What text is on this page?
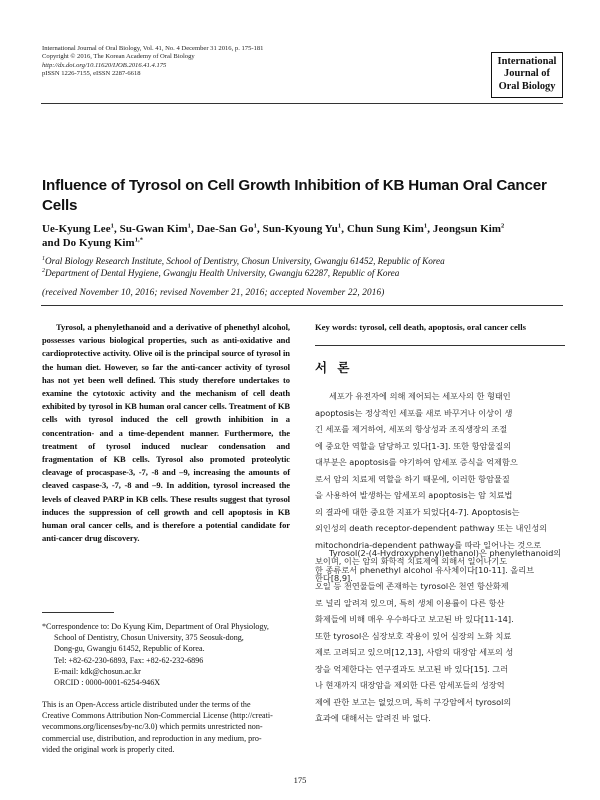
International Journal of Oral Biology, Vol. 41, No. 4 December 31 2016, p. 175-181
Copyright © 2016, The Korean Academy of Oral Biology
http://dx.doi.org/10.11620/IJOB.2016.41.4.175
pISSN 1226-7155, eISSN 2287-6618
International
Journal of
Oral Biology
Influence of Tyrosol on Cell Growth Inhibition of KB Human Oral Cancer Cells
Ue-Kyung Lee$^1$, Su-Gwan Kim$^1$, Dae-San Go$^1$, Sun-Kyoung Yu$^1$, Chun Sung Kim$^1$, Jeongsun Kim$^2$
and Do Kyung Kim$^{1,*}$
$^1$Oral Biology Research Institute, School of Dentistry, Chosun University, Gwangju 61452, Republic of Korea
$^2$Department of Dental Hygiene, Gwangju Health University, Gwangju 62287, Republic of Korea
(received November 10, 2016; revised November 21, 2016; accepted November 22, 2016)
Tyrosol, a phenylethanoid and a derivative of phenethyl alcohol, possesses various biological properties, such as anti-oxidative and cardioprotective activity. Olive oil is the principal source of tyrosol in the human diet. However, so far the anti-cancer activity of tyrosol has not yet been well defined. This study therefore undertakes to examine the cytotoxic activity and the mechanism of cell death exhibited by tyrosol in KB human oral cancer cells. Treatment of KB cells with tyrosol induced the cell growth inhibition in a concentration- and a time-dependent manner. Furthermore, the treatment of tyrosol induced nuclear condensation and fragmentation of KB cells. Tyrosol also promoted proteolytic cleavage of procaspase-3, -7, -8 and –9, increasing the amounts of cleaved caspase-3, -7, -8 and –9. In addition, tyrosol increased the levels of cleaved PARP in KB cells. These results suggest that tyrosol induces the suppression of cell growth and cell apoptosis in KB human oral cancer cells, and is therefore a potential candidate for anti-cancer drug discovery.
*Correspondence to: Do Kyung Kim, Department of Oral Physiology,
School of Dentistry, Chosun University, 375 Seosuk-dong,
Dong-gu, Gwangju 61452, Republic of Korea.
Tel: +82-62-230-6893, Fax: +82-62-232-6896
E-mail: kdk@chosun.ac.kr
ORCID : 0000-0001-6254-946X
This is an Open-Access article distributed under the terms of the
Creative Commons Attribution Non-Commercial License (http://creati-
vecommons.org/licenses/by-nc/3.0) which permits unrestricted non-
commercial use, distribution, and reproduction in any medium, pro-
vided the original work is properly cited.
Key words: tyrosol, cell death, apoptosis, oral cancer cells
서 론
세포가 유전자에 의해 제어되는 세포사의 한 형태인
apoptosis는 정상적인 세포를 새로 바꾸거나 이상이 생
긴 세포를 제거하여, 세포의 항상성과 조직생장의 조절
에 중요한 역할을 담당하고 있다[1-3]. 또한 항암물질의
대부분은 apoptosis를 야기하여 암세포 증식을 억제함으
로서 암의 치료제 역할을 하기 때문에, 이러한 항암물질
을 사용하여 발생하는 암세포의 apoptosis는 암 치료법
의 결과에 대한 중요한 지표가 되었다[4-7]. Apoptosis는
외인성의 death receptor-dependent pathway 또는 내인성의
mitochondria-dependent pathway를 따라 일어나는 것으로
보이며, 이는 암의 화학적 치료제에 의해서 일어나기도
한다[8,9].
Tyrosol(2-(4-Hydroxyphenyl)ethanol)은 phenylethanoid의
한 종류로서 phenethyl alcohol 유사체이다[10-11]. 올리브
오일 등 천연물들에 존재하는 tyrosol은 천연 항산화제
로 널리 알려져 있으며, 특히 생체 이용률이 다른 항산
화제들에 비해 매우 우수하다고 보고된 바 있다[11-14].
또한 tyrosol은 심장보호 작용이 있어 심장의 노화 치료
제로 고려되고 있으며[12,13], 사람의 대장암 세포의 성
장을 억제한다는 연구결과도 보고된 바 있다[15]. 그러
나 현재까지 대장암을 제외한 다른 암세포들의 성장억
제에 관한 보고는 없었으며, 특히 구강암에서 tyrosol의
효과에 대해서는 알려진 바 없다.
175
